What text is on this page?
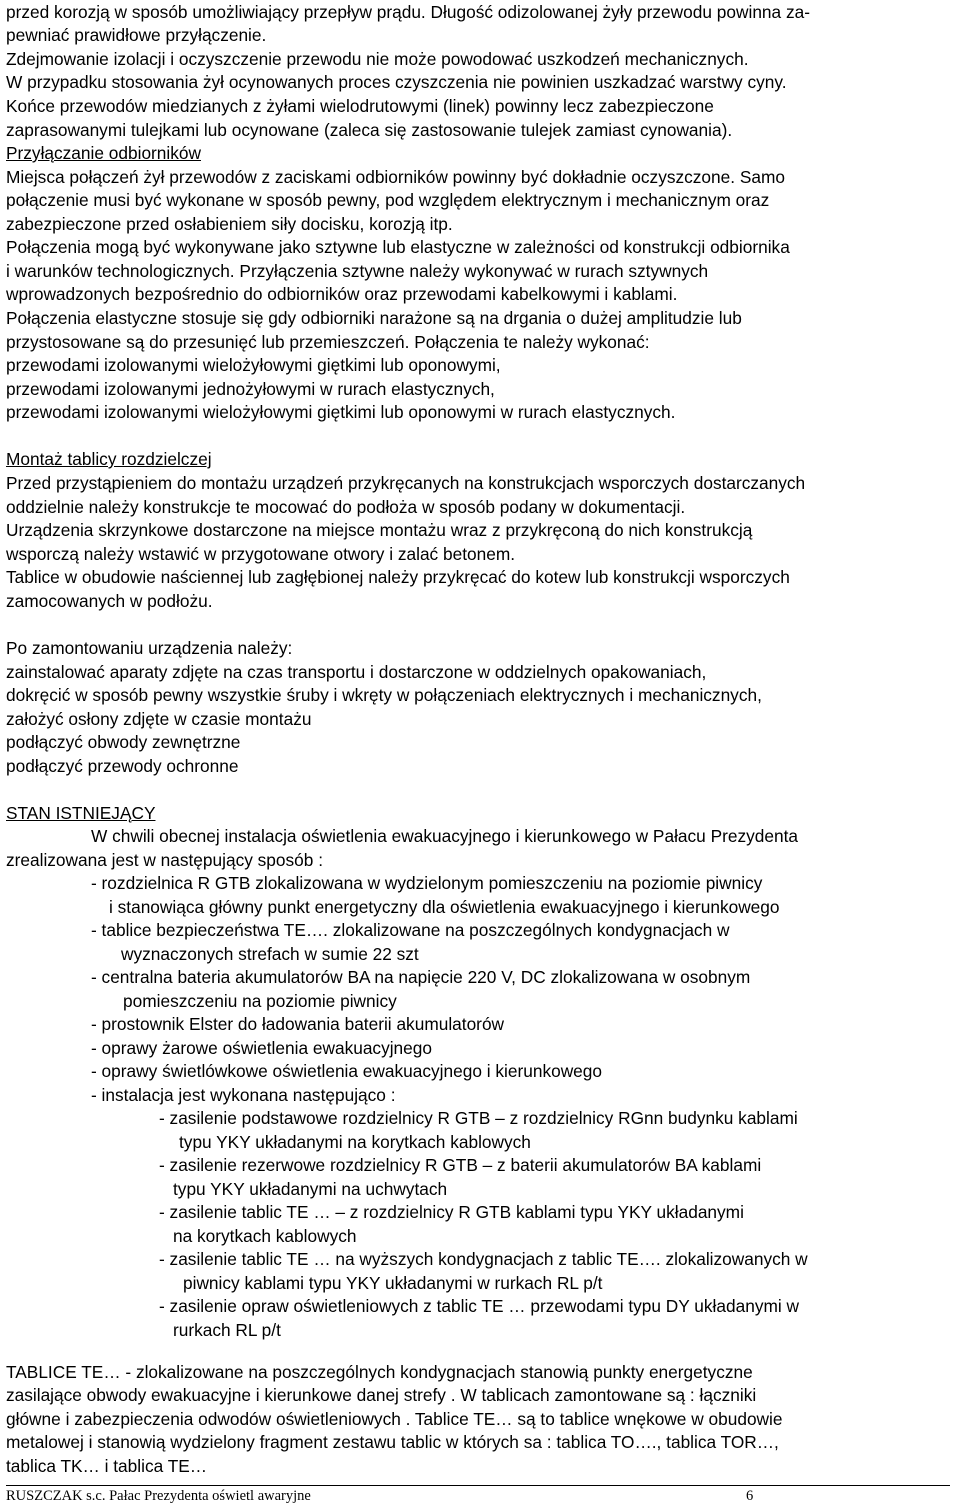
przed korozją w sposób umożliwiający przepływ prądu. Długość odizolowanej żyły przewodu powinna za-
pewniać prawidłowe przyłączenie.
Zdejmowanie izolacji i oczyszczenie przewodu nie może powodować uszkodzeń mechanicznych.
W przypadku stosowania żył ocynowanych proces czyszczenia nie powinien uszkadzać warstwy cyny.
Końce przewodów miedzianych z żyłami wielodrutowymi (linek) powinny lecz zabezpieczone
zaprasowanymi tulejkami lub ocynowane (zaleca się zastosowanie tulejek zamiast cynowania).
Przyłączanie odbiorników
Miejsca połączeń żył przewodów z zaciskami odbiorników powinny być dokładnie oczyszczone. Samo
połączenie musi być wykonane w sposób pewny, pod względem elektrycznym i mechanicznym oraz
zabezpieczone przed osłabieniem siły docisku, korozją itp.
Połączenia mogą być wykonywane jako sztywne lub elastyczne w zależności od konstrukcji odbiornika
i warunków technologicznych. Przyłączenia sztywne należy wykonywać w rurach sztywnych
wprowadzonych bezpośrednio do odbiorników oraz przewodami kabelkowymi i kablami.
Połączenia elastyczne stosuje się gdy odbiorniki narażone są na drgania o dużej amplitudzie lub
przystosowane są do przesunięć lub przemieszczeń. Połączenia te należy wykonać:
przewodami izolowanymi wielożyłowymi giętkimi lub oponowymi,
przewodami izolowanymi jednożyłowymi w rurach elastycznych,
przewodami izolowanymi wielożyłowymi giętkimi lub oponowymi w rurach elastycznych.
Montaż tablicy rozdzielczej
Przed przystąpieniem do montażu urządzeń przykręcanych na konstrukcjach wsporczych dostarczanych
oddzielnie należy konstrukcje te mocować do podłoża w sposób podany w dokumentacji.
Urządzenia skrzynkowe dostarczone na miejsce montażu wraz z przykręconą do nich konstrukcją
wsporczą należy wstawić w przygotowane otwory i zalać betonem.
Tablice w obudowie naściennej lub zagłębionej należy przykręcać do kotew lub konstrukcji wsporczych
zamocowanych w podłożu.
Po zamontowaniu urządzenia należy:
zainstalować aparaty zdjęte na czas transportu i dostarczone w oddzielnych opakowaniach,
dokręcić w sposób pewny wszystkie śruby i wkręty w połączeniach elektrycznych i mechanicznych,
założyć osłony zdjęte w czasie montażu
podłączyć obwody zewnętrzne
podłączyć przewody ochronne
STAN ISTNIEJĄCY
W chwili obecnej instalacja oświetlenia ewakuacyjnego i kierunkowego w Pałacu Prezydenta
zrealizowana jest w następujący sposób :
- rozdzielnica R GTB zlokalizowana w wydzielonym pomieszczeniu na poziomie piwnicy
i stanowiąca główny punkt energetyczny dla oświetlenia ewakuacyjnego i kierunkowego
- tablice bezpieczeństwa TE…. zlokalizowane na poszczególnych kondygnacjach w
wyznaczonych strefach w sumie 22 szt
- centralna bateria akumulatorów BA na napięcie 220 V, DC zlokalizowana w osobnym
pomieszczeniu na poziomie piwnicy
- prostownik Elster do ładowania baterii akumulatorów
- oprawy żarowe oświetlenia ewakuacyjnego
- oprawy świetlówkowe oświetlenia ewakuacyjnego i kierunkowego
- instalacja jest wykonana następująco :
- zasilenie podstawowe rozdzielnicy R GTB – z rozdzielnicy RGnn budynku kablami
typu YKY układanymi na korytkach kablowych
- zasilenie rezerwowe rozdzielnicy R GTB – z baterii akumulatorów BA kablami
typu YKY układanymi na uchwytach
- zasilenie tablic TE … – z rozdzielnicy R GTB kablami typu YKY układanymi
na korytkach kablowych
- zasilenie tablic TE … na wyższych kondygnacjach z tablic TE…. zlokalizowanych w
piwnicy kablami typu YKY układanymi w rurkach RL p/t
- zasilenie opraw oświetleniowych z tablic TE … przewodami typu DY układanymi w
rurkach RL p/t
TABLICE TE… - zlokalizowane na poszczególnych kondygnacjach stanowią punkty energetyczne
zasilające obwody ewakuacyjne i kierunkowe danej strefy . W tablicach zamontowane są : łączniki
główne i zabezpieczenia odwodów oświetleniowych . Tablice TE… są to tablice wnękowe w obudowie
metalowej i stanowią wydzielony fragment zestawu tablic w których sa : tablica TO…., tablica TOR…,
tablica TK… i tablica TE…
RUSZCZAK s.c. Pałac Prezydenta oświetl awaryjne	6
